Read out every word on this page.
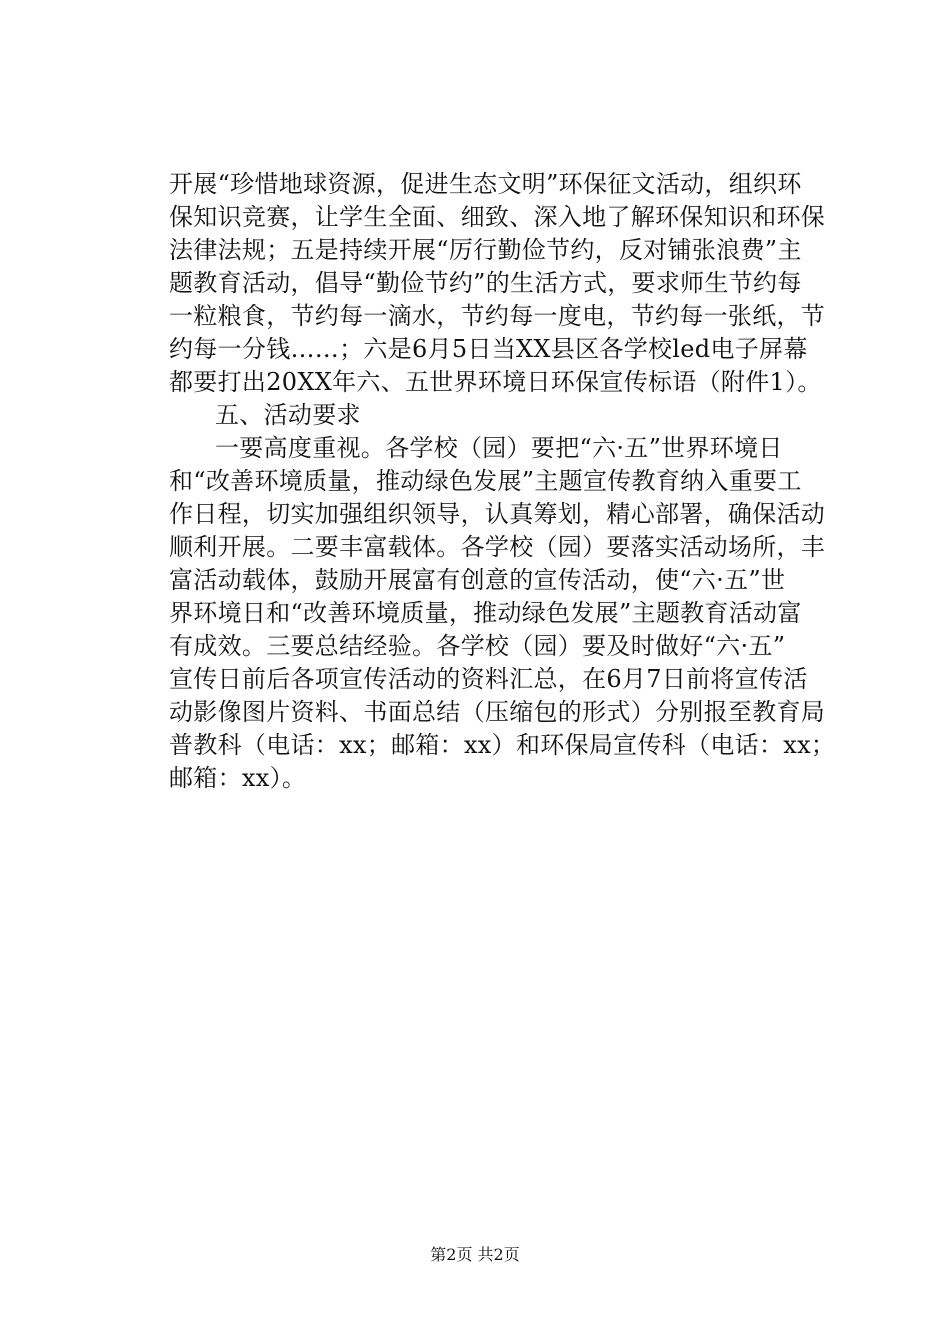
开展“珍惜地球资源，促进生态文明”环保征文活动，组织环
保知识竞赛，让学生全面、细致、深入地了解环保知识和环保
法律法规；五是持续开展“厉行勤俭节约，反对铺张浪费”主
题教育活动，倡导“勤俭节约”的生活方式，要求师生节约每
一粒粮食，节约每一滴水，节约每一度电，节约每一张纸，节
约每一分钱……；六是6月5日当XX县区各学校led电子屏幕
都要打出20XX年六、五世界环境日环保宣传标语（附件1）。
五、活动要求
一要高度重视。各学校（园）要把“六·五”世界环境日
和“改善环境质量，推动绿色发展”主题宣传教育纳入重要工
作日程，切实加强组织领导，认真筹划，精心部署，确保活动
顺利开展。二要丰富载体。各学校（园）要落实活动场所，丰
富活动载体，鼓励开展富有创意的宣传活动，使“六·五”世
界环境日和“改善环境质量，推动绿色发展”主题教育活动富
有成效。三要总结经验。各学校（园）要及时做好“六·五”
宣传日前后各项宣传活动的资料汇总，在6月7日前将宣传活
动影像图片资料、书面总结（压缩包的形式）分别报至教育局
普教科（电话：xx；邮箱：xx）和环保局宣传科（电话：xx；
邮箱：xx）。
第2页 共2页
